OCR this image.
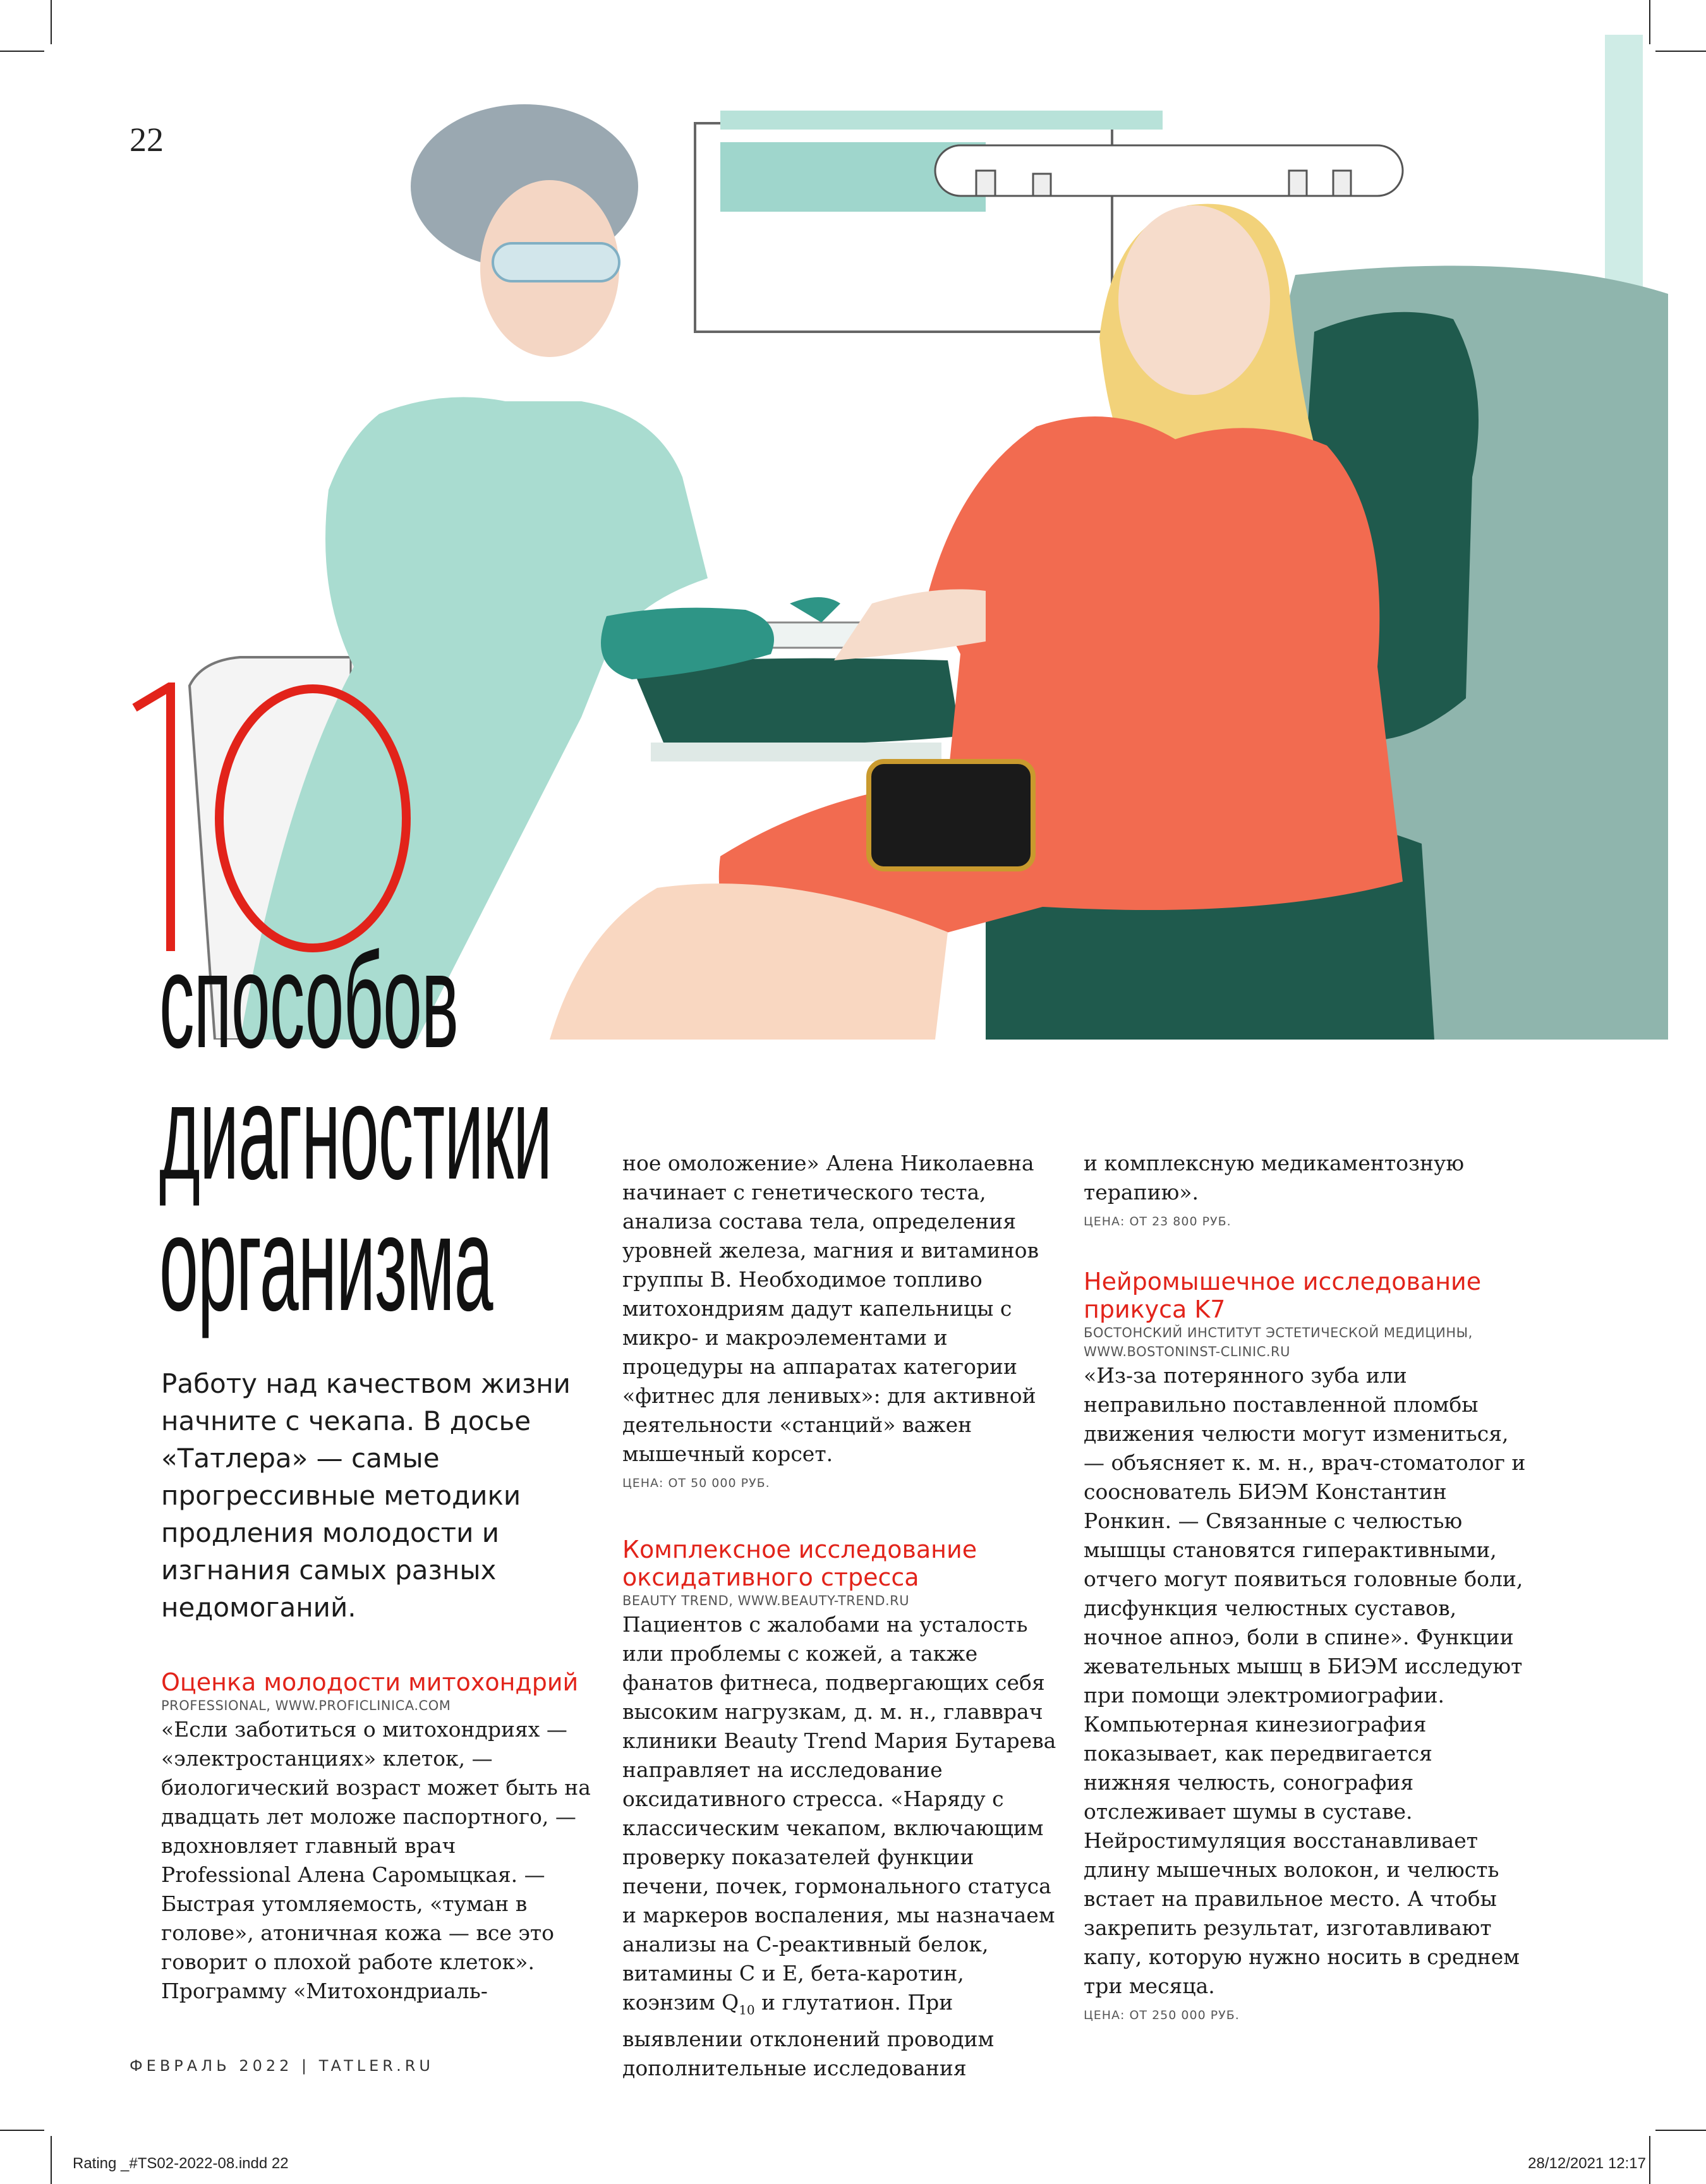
22
10
способов
диагностики
организма
Работу над качеством жизни начните с чекапа. В досье «Татлера» — самые прогрессивные методики продления молодости и изгнания самых разных недомоганий.

Оценка молодости митохондрий

PROFESSIONAL, WWW.PROFICLINICA.COM

«Если заботиться о митохондриях — «электростанциях» клеток, — биологический возраст может быть на двадцать лет моложе паспортного, — вдохновляет главный врач Professional Алена Саромыцкая. — Быстрая утомляемость, «туман в голове», атоничная кожа — все это говорит о плохой работе клеток». Программу «Митохондриаль-

ное омоложение» Алена Николаевна начинает с генетического теста, анализа состава тела, определения уровней железа, магния и витаминов группы B. Необходимое топливо митохондриям дадут капельницы с микро- и макроэлементами и процедуры на аппаратах категории «фитнес для ленивых»: для активной деятельности «станций» важен мышечный корсет.

ЦЕНА: ОТ 50 000 РУБ.

Комплексное исследование оксидативного стресса

BEAUTY TREND, WWW.BEAUTY-TREND.RU

Пациентов с жалобами на усталость или проблемы с кожей, а также фанатов фитнеса, подвергающих себя высоким нагрузкам, д. м. н., главврач клиники Beauty Trend Мария Бутарева направляет на исследование оксидативного стресса. «Наряду с классическим чекапом, включающим проверку показателей функции печени, почек, гормонального статуса и маркеров воспаления, мы назначаем анализы на C-реактивный белок, витамины C и E, бета-каротин, коэнзим $Q_{10}$ и глутатион. При выявлении отклонений проводим дополнительные исследования

и комплексную медикаментозную терапию».

ЦЕНА: ОТ 23 800 РУБ.

Нейромышечное исследование прикуса K7

БОСТОНСКИЙ ИНСТИТУТ ЭСТЕТИЧЕСКОЙ МЕДИЦИНЫ, WWW.BOSTONINST-CLINIC.RU

«Из-за потерянного зуба или неправильно поставленной пломбы движения челюсти могут измениться, — объясняет к. м. н., врач-стоматолог и сооснователь БИЭМ Константин Ронкин. — Связанные с челюстью мышцы становятся гиперактивными, отчего могут появиться головные боли, дисфункция челюстных суставов, ночное апноэ, боли в спине». Функции жевательных мышц в БИЭМ исследуют при помощи электромиографии. Компьютерная кинезиография показывает, как передвигается нижняя челюсть, сонография отслеживает шумы в суставе. Нейростимуляция восстанавливает длину мышечных волокон, и челюсть встает на правильное место. А чтобы закрепить результат, изготавливают капу, которую нужно носить в среднем три месяца.

ЦЕНА: ОТ 250 000 РУБ.

ФЕВРАЛЬ 2022 | TATLER.RU
Rating _#TS02-2022-08.indd 22	28/12/2021 12:17
